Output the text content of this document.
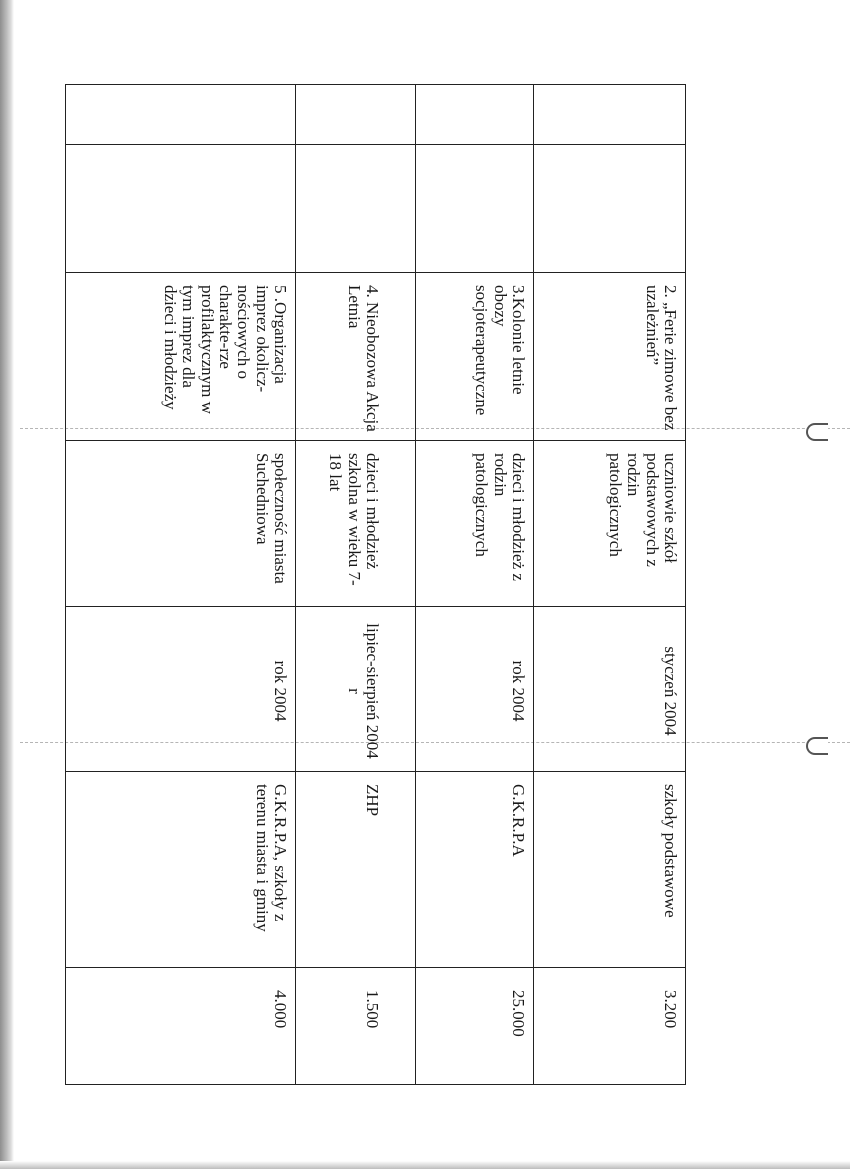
		2. „Ferie zimowe bez uzależnień”	uczniowie szkół podstawowych z rodzin patologicznych	styczeń 2004	szkoły podstawowe	3.200
		3.Kolonie letnie obozy socjoterapeutyczne	dzieci i młodzież z rodzin patologicznych	rok 2004	G.K.R.P.A	25.000
		4. Nieobozowa Akcja Letnia	dzieci i młodzież szkolna w wieku 7-18 lat	lipiec-sierpień 2004 r	ZHP	1.500
		5 .Organizacja imprez okolicz-nościowych o charakte-rze profilaktycznym w tym imprez dla dzieci i młodzieży	społeczność miasta Suchedniowa	rok 2004	G.K.R.P.A, szkoły z terenu miasta i gminy	4.000
